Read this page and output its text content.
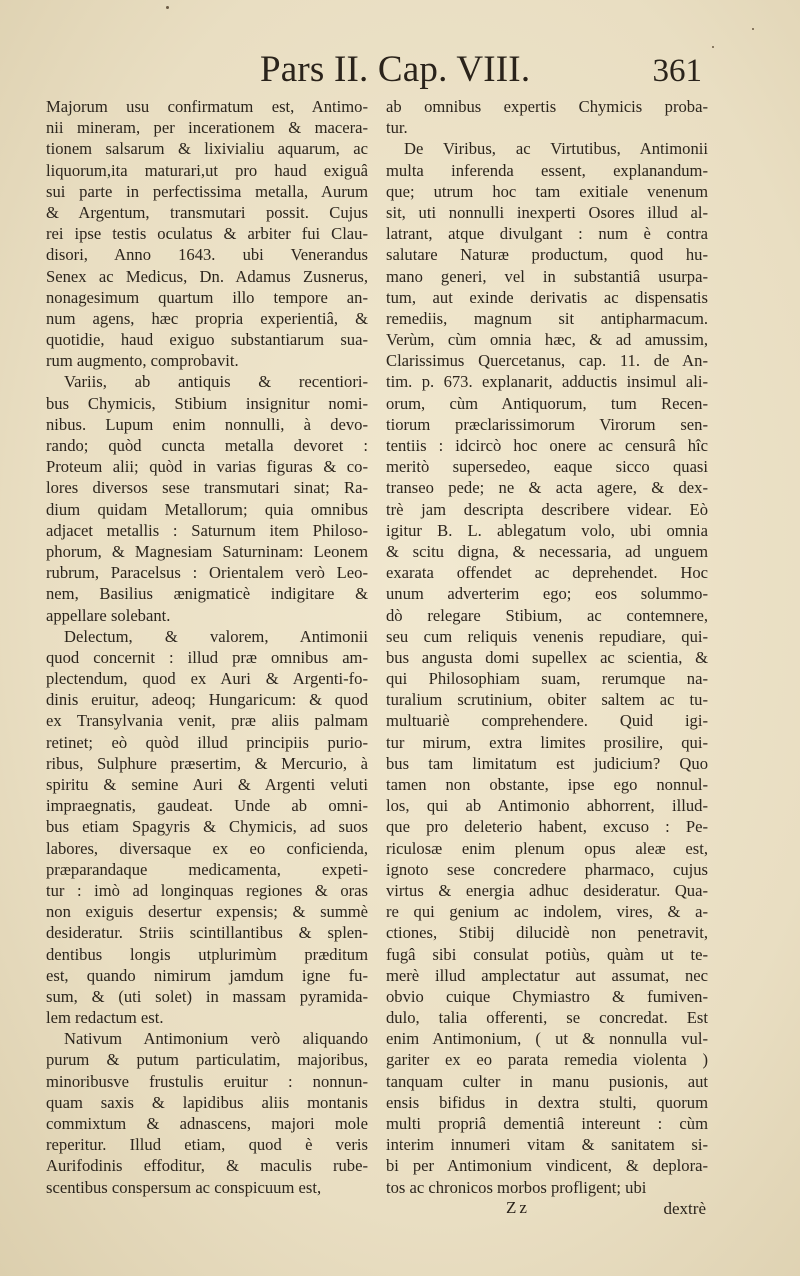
Pars II. Cap. VIII.	361
Majorum usu confirmatum est, Antimo-
nii mineram, per incerationem & macera-
tionem salsarum & lixivialiu aquarum, ac
liquorum,ita maturari,ut pro haud exiguâ
sui parte in perfectissima metalla, Aurum
& Argentum, transmutari possit. Cujus
rei ipse testis oculatus & arbiter fui Clau-
disori, Anno 1643. ubi Venerandus
Senex ac Medicus, Dn. Adamus Zusnerus,
nonagesimum quartum illo tempore an-
num agens, hæc propria experientiâ, &
quotidie, haud exiguo substantiarum sua-
rum augmento, comprobavit.
Variis, ab antiquis & recentiori-
bus Chymicis, Stibium insignitur nomi-
nibus. Lupum enim nonnulli, à devo-
rando; quòd cuncta metalla devoret :
Proteum alii; quòd in varias figuras & co-
lores diversos sese transmutari sinat; Ra-
dium quidam Metallorum; quia omnibus
adjacet metallis : Saturnum item Philoso-
phorum, & Magnesiam Saturninam: Leonem
rubrum, Paracelsus : Orientalem verò Leo-
nem, Basilius ænigmaticè indigitare &
appellare solebant.
Delectum, & valorem, Antimonii
quod concernit : illud præ omnibus am-
plectendum, quod ex Auri & Argenti-fo-
dinis eruitur, adeoq; Hungaricum: & quod
ex Transylvania venit, præ aliis palmam
retinet; eò quòd illud principiis purio-
ribus, Sulphure præsertim, & Mercurio, à
spiritu & semine Auri & Argenti veluti
impraegnatis, gaudeat. Unde ab omni-
bus etiam Spagyris & Chymicis, ad suos
labores, diversaque ex eo conficienda,
præparandaque medicamenta, expeti-
tur : imò ad longinquas regiones & oras
non exiguis desertur expensis; & summè
desideratur. Striis scintillantibus & splen-
dentibus longis utplurimùm præditum
est, quando nimirum jamdum igne fu-
sum, & (uti solet) in massam pyramida-
lem redactum est.
Nativum Antimonium verò aliquando
purum & putum particulatim, majoribus,
minoribusve frustulis eruitur : nonnun-
quam saxis & lapidibus aliis montanis
commixtum & adnascens, majori mole
reperitur. Illud etiam, quod è veris
Aurifodinis effoditur, & maculis rube-
scentibus conspersum ac conspicuum est,
ab omnibus expertis Chymicis proba-
tur.
De Viribus, ac Virtutibus, Antimonii
multa inferenda essent, explanandum-
que; utrum hoc tam exitiale venenum
sit, uti nonnulli inexperti Osores illud al-
latrant, atque divulgant : num è contra
salutare Naturæ productum, quod hu-
mano generi, vel in substantiâ usurpa-
tum, aut exinde derivatis ac dispensatis
remediis, magnum sit antipharmacum.
Verùm, cùm omnia hæc, & ad amussim,
Clarissimus Quercetanus, cap. 11. de An-
tim. p. 673. explanarit, adductis insimul ali-
orum, cùm Antiquorum, tum Recen-
tiorum præclarissimorum Virorum sen-
tentiis : idcircò hoc onere ac censurâ hîc
meritò supersedeo, eaque sicco quasi
transeo pede; ne & acta agere, & dex-
trè jam descripta describere videar. Eò
igitur B. L. ablegatum volo, ubi omnia
& scitu digna, & necessaria, ad unguem
exarata offendet ac deprehendet. Hoc
unum adverterim ego; eos solummo-
dò relegare Stibium, ac contemnere,
seu cum reliquis venenis repudiare, qui-
bus angusta domi supellex ac scientia, &
qui Philosophiam suam, rerumque na-
turalium scrutinium, obiter saltem ac tu-
multuariè comprehendere. Quid igi-
tur mirum, extra limites prosilire, qui-
bus tam limitatum est judicium? Quo
tamen non obstante, ipse ego nonnul-
los, qui ab Antimonio abhorrent, illud-
que pro deleterio habent, excuso : Pe-
riculosæ enim plenum opus aleæ est,
ignoto sese concredere pharmaco, cujus
virtus & energia adhuc desideratur. Qua-
re qui genium ac indolem, vires, & a-
ctiones, Stibij dilucidè non penetravit,
fugâ sibi consulat potiùs, quàm ut te-
merè illud amplectatur aut assumat, nec
obvio cuique Chymiastro & fumiven-
dulo, talia offerenti, se concredat. Est
enim Antimonium, ( ut & nonnulla vul-
gariter ex eo parata remedia violenta )
tanquam culter in manu pusionis, aut
ensis bifidus in dextra stulti, quorum
multi propriâ dementiâ intereunt : cùm
interim innumeri vitam & sanitatem si-
bi per Antimonium vindicent, & deplora-
tos ac chronicos morbos profligent; ubi
Zz	dextrè
